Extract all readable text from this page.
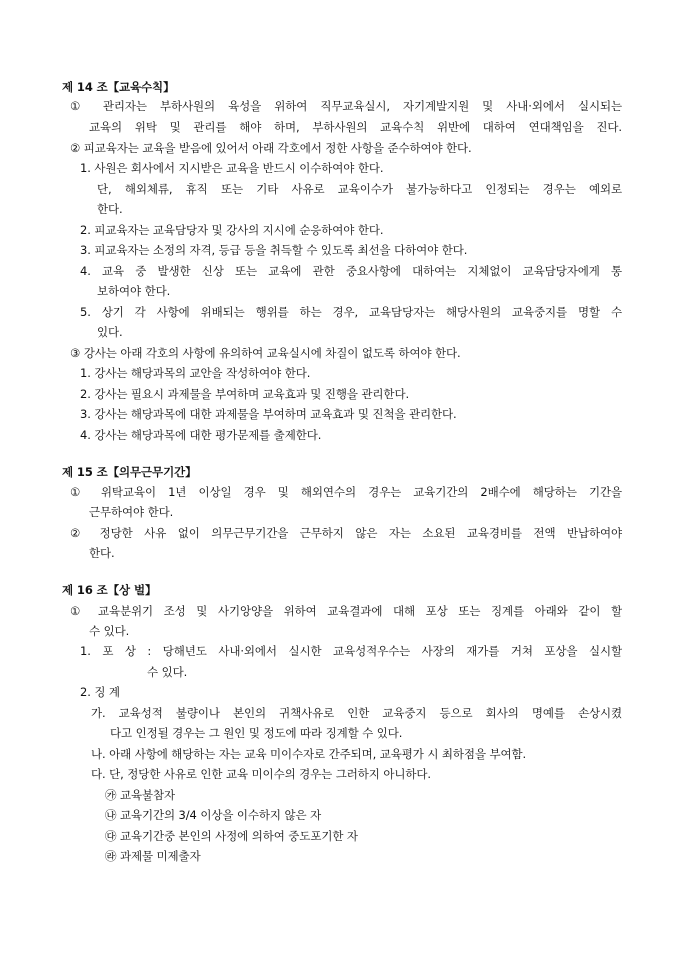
제 14 조【교육수칙】
① 관리자는 부하사원의 육성을 위하여 직무교육실시, 자기계발지원 및 사내·외에서 실시되는
교육의 위탁 및 관리를 해야 하며, 부하사원의 교육수칙 위반에 대하여 연대책임을 진다.
② 피교육자는 교육을 받음에 있어서 아래 각호에서 정한 사항을 준수하여야 한다.
1. 사원은 회사에서 지시받은 교육을 반드시 이수하여야 한다.
단, 해외체류, 휴직 또는 기타 사유로 교육이수가 불가능하다고 인정되는 경우는 예외로
한다.
2. 피교육자는 교육담당자 및 강사의 지시에 순응하여야 한다.
3. 피교육자는 소정의 자격, 등급 등을 취득할 수 있도록 최선을 다하여야 한다.
4. 교육 중 발생한 신상 또는 교육에 관한 중요사항에 대하여는 지체없이 교육담당자에게 통
보하여야 한다.
5. 상기 각 사항에 위배되는 행위를 하는 경우, 교육담당자는 해당사원의 교육중지를 명할 수
있다.
③ 강사는 아래 각호의 사항에 유의하여 교육실시에 차질이 없도록 하여야 한다.
1. 강사는 해당과목의 교안을 작성하여야 한다.
2. 강사는 필요시 과제물을 부여하며 교육효과 및 진행을 관리한다.
3. 강사는 해당과목에 대한 과제물을 부여하며 교육효과 및 진척을 관리한다.
4. 강사는 해당과목에 대한 평가문제를 출제한다.
제 15 조【의무근무기간】
① 위탁교육이 1년 이상일 경우 및 해외연수의 경우는 교육기간의 2배수에 해당하는 기간을
근무하여야 한다.
② 정당한 사유 없이 의무근무기간을 근무하지 않은 자는 소요된 교육경비를 전액 반납하여야
한다.
제 16 조【상 벌】
① 교육분위기 조성 및 사기앙양을 위하여 교육결과에 대해 포상 또는 징계를 아래와 같이 할
수 있다.
1. 포 상 : 당해년도 사내·외에서 실시한 교육성적우수는 사장의 재가를 거쳐 포상을 실시할
수 있다.
2. 징 계
가. 교육성적 불량이나 본인의 귀책사유로 인한 교육중지 등으로 회사의 명예를 손상시켰
다고 인정될 경우는 그 원인 및 정도에 따라 징계할 수 있다.
나. 아래 사항에 해당하는 자는 교육 미이수자로 간주되며, 교육평가 시 최하점을 부여함.
다. 단, 정당한 사유로 인한 교육 미이수의 경우는 그러하지 아니하다.
㉮ 교육불참자
㉯ 교육기간의 3/4 이상을 이수하지 않은 자
㉰ 교육기간중 본인의 사정에 의하여 중도포기한 자
㉱ 과제물 미제출자
